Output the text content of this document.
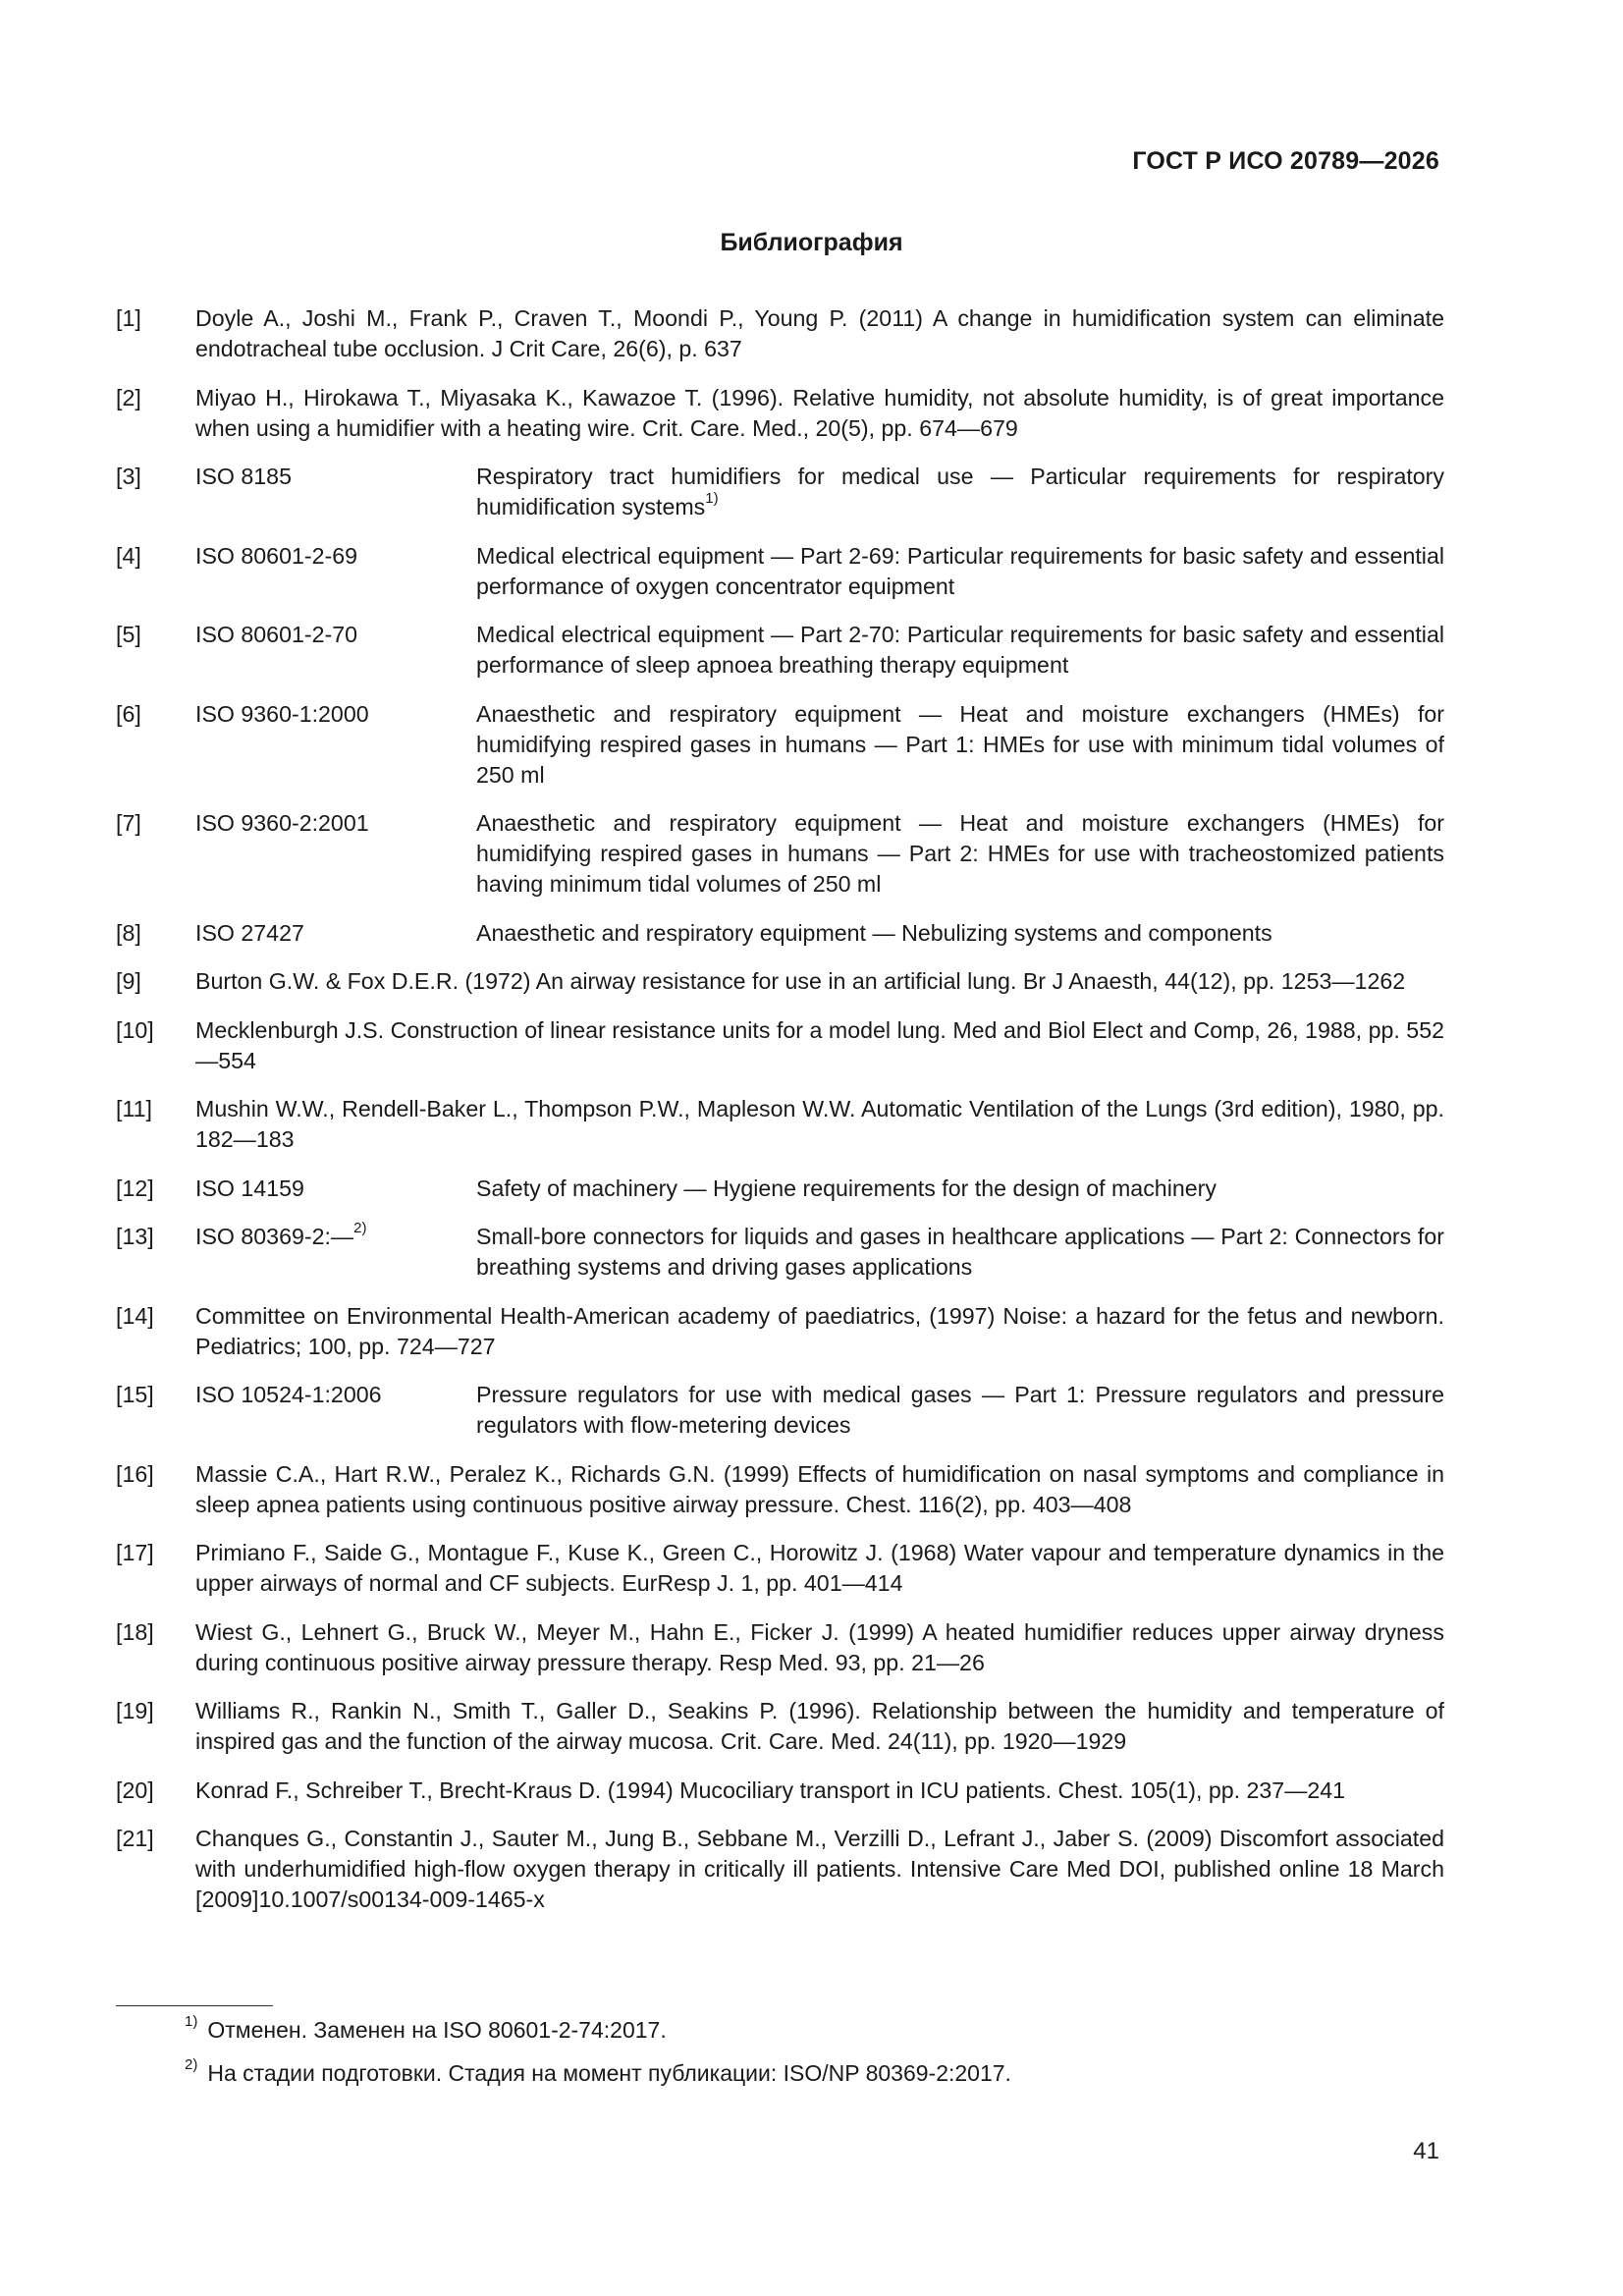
ГОСТ Р ИСО 20789—2026
Библиография
[1] Doyle A., Joshi M., Frank P., Craven T., Moondi P., Young P. (2011) A change in humidification system can eliminate endotracheal tube occlusion. J Crit Care, 26(6), p. 637
[2] Miyao H., Hirokawa T., Miyasaka K., Kawazoe T. (1996). Relative humidity, not absolute humidity, is of great importance when using a humidifier with a heating wire. Crit. Care. Med., 20(5), pp. 674—679
[3] ISO 8185	Respiratory tract humidifiers for medical use — Particular requirements for respiratory humidification systems$^{1)}$
[4] ISO 80601-2-69	Medical electrical equipment — Part 2-69: Particular requirements for basic safety and essential performance of oxygen concentrator equipment
[5] ISO 80601-2-70	Medical electrical equipment — Part 2-70: Particular requirements for basic safety and essential performance of sleep apnoea breathing therapy equipment
[6] ISO 9360-1:2000	Anaesthetic and respiratory equipment — Heat and moisture exchangers (HMEs) for humidifying respired gases in humans — Part 1: HMEs for use with minimum tidal volumes of 250 ml
[7] ISO 9360-2:2001	Anaesthetic and respiratory equipment — Heat and moisture exchangers (HMEs) for humidifying respired gases in humans — Part 2: HMEs for use with tracheostomized patients having minimum tidal volumes of 250 ml
[8] ISO 27427	Anaesthetic and respiratory equipment — Nebulizing systems and components
[9] Burton G.W. & Fox D.E.R. (1972) An airway resistance for use in an artificial lung. Br J Anaesth, 44(12), pp. 1253—1262
[10] Mecklenburgh J.S. Construction of linear resistance units for a model lung. Med and Biol Elect and Comp, 26, 1988, pp. 552—554
[11] Mushin W.W., Rendell-Baker L., Thompson P.W., Mapleson W.W. Automatic Ventilation of the Lungs (3rd edition), 1980, pp. 182—183
[12] ISO 14159	Safety of machinery — Hygiene requirements for the design of machinery
[13] ISO 80369-2:—$^{2)}$	Small-bore connectors for liquids and gases in healthcare applications — Part 2: Connectors for breathing systems and driving gases applications
[14] Committee on Environmental Health-American academy of paediatrics, (1997) Noise: a hazard for the fetus and newborn. Pediatrics; 100, pp. 724—727
[15] ISO 10524-1:2006	Pressure regulators for use with medical gases — Part 1: Pressure regulators and pressure regulators with flow-metering devices
[16] Massie C.A., Hart R.W., Peralez K., Richards G.N. (1999) Effects of humidification on nasal symptoms and compliance in sleep apnea patients using continuous positive airway pressure. Chest. 116(2), pp. 403—408
[17] Primiano F., Saide G., Montague F., Kuse K., Green C., Horowitz J. (1968) Water vapour and temperature dynamics in the upper airways of normal and CF subjects. EurResp J. 1, pp. 401—414
[18] Wiest G., Lehnert G., Bruck W., Meyer M., Hahn E., Ficker J. (1999) A heated humidifier reduces upper airway dryness during continuous positive airway pressure therapy. Resp Med. 93, pp. 21—26
[19] Williams R., Rankin N., Smith T., Galler D., Seakins P. (1996). Relationship between the humidity and temperature of inspired gas and the function of the airway mucosa. Crit. Care. Med. 24(11), pp. 1920—1929
[20] Konrad F., Schreiber T., Brecht-Kraus D. (1994) Mucociliary transport in ICU patients. Chest. 105(1), pp. 237—241
[21] Chanques G., Constantin J., Sauter M., Jung B., Sebbane M., Verzilli D., Lefrant J., Jaber S. (2009) Discomfort associated with underhumidified high-flow oxygen therapy in critically ill patients. Intensive Care Med DOI, published online 18 March [2009]10.1007/s00134-009-1465-x
$^{1)}$ Отменен. Заменен на ISO 80601-2-74:2017.
$^{2)}$ На стадии подготовки. Стадия на момент публикации: ISO/NP 80369-2:2017.
41
